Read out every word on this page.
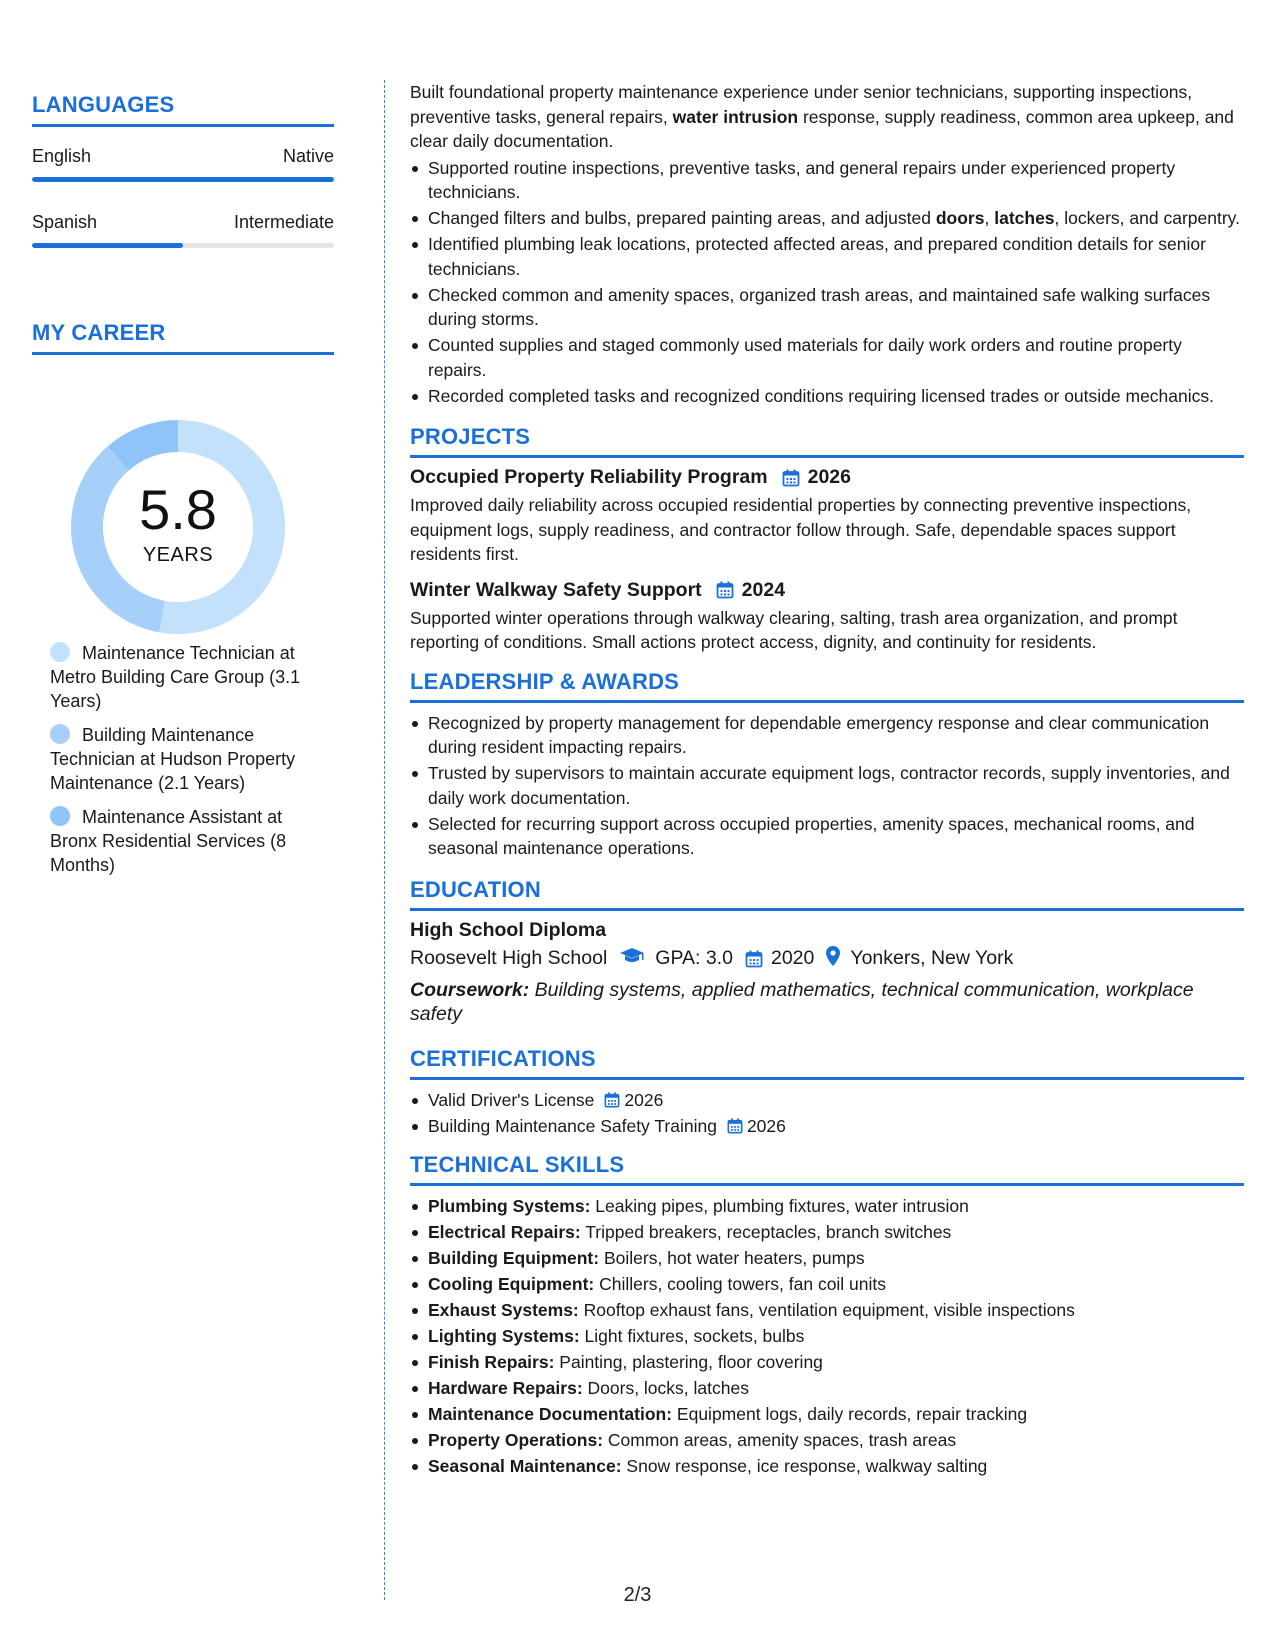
LANGUAGES
English	Native
Spanish	Intermediate
MY CAREER
5.8
YEARS
Maintenance Technician at Metro Building Care Group (3.1 Years)
Building Maintenance Technician at Hudson Property Maintenance (2.1 Years)
Maintenance Assistant at Bronx Residential Services (8 Months)
Built foundational property maintenance experience under senior technicians, supporting inspections, preventive tasks, general repairs, water intrusion response, supply readiness, common area upkeep, and clear daily documentation.
Supported routine inspections, preventive tasks, and general repairs under experienced property technicians.
Changed filters and bulbs, prepared painting areas, and adjusted doors, latches, lockers, and carpentry.
Identified plumbing leak locations, protected affected areas, and prepared condition details for senior technicians.
Checked common and amenity spaces, organized trash areas, and maintained safe walking surfaces during storms.
Counted supplies and staged commonly used materials for daily work orders and routine property repairs.
Recorded completed tasks and recognized conditions requiring licensed trades or outside mechanics.
PROJECTS
Occupied Property Reliability Program 2026
Improved daily reliability across occupied residential properties by connecting preventive inspections, equipment logs, supply readiness, and contractor follow through. Safe, dependable spaces support residents first.
Winter Walkway Safety Support 2024
Supported winter operations through walkway clearing, salting, trash area organization, and prompt reporting of conditions. Small actions protect access, dignity, and continuity for residents.
LEADERSHIP & AWARDS
Recognized by property management for dependable emergency response and clear communication during resident impacting repairs.
Trusted by supervisors to maintain accurate equipment logs, contractor records, supply inventories, and daily work documentation.
Selected for recurring support across occupied properties, amenity spaces, mechanical rooms, and seasonal maintenance operations.
EDUCATION
High School Diploma
Roosevelt High School GPA: 3.0 2020 Yonkers, New York
Coursework: Building systems, applied mathematics, technical communication, workplace safety
CERTIFICATIONS
Valid Driver's License 2026
Building Maintenance Safety Training 2026
TECHNICAL SKILLS
Plumbing Systems: Leaking pipes, plumbing fixtures, water intrusion
Electrical Repairs: Tripped breakers, receptacles, branch switches
Building Equipment: Boilers, hot water heaters, pumps
Cooling Equipment: Chillers, cooling towers, fan coil units
Exhaust Systems: Rooftop exhaust fans, ventilation equipment, visible inspections
Lighting Systems: Light fixtures, sockets, bulbs
Finish Repairs: Painting, plastering, floor covering
Hardware Repairs: Doors, locks, latches
Maintenance Documentation: Equipment logs, daily records, repair tracking
Property Operations: Common areas, amenity spaces, trash areas
Seasonal Maintenance: Snow response, ice response, walkway salting
2/3
